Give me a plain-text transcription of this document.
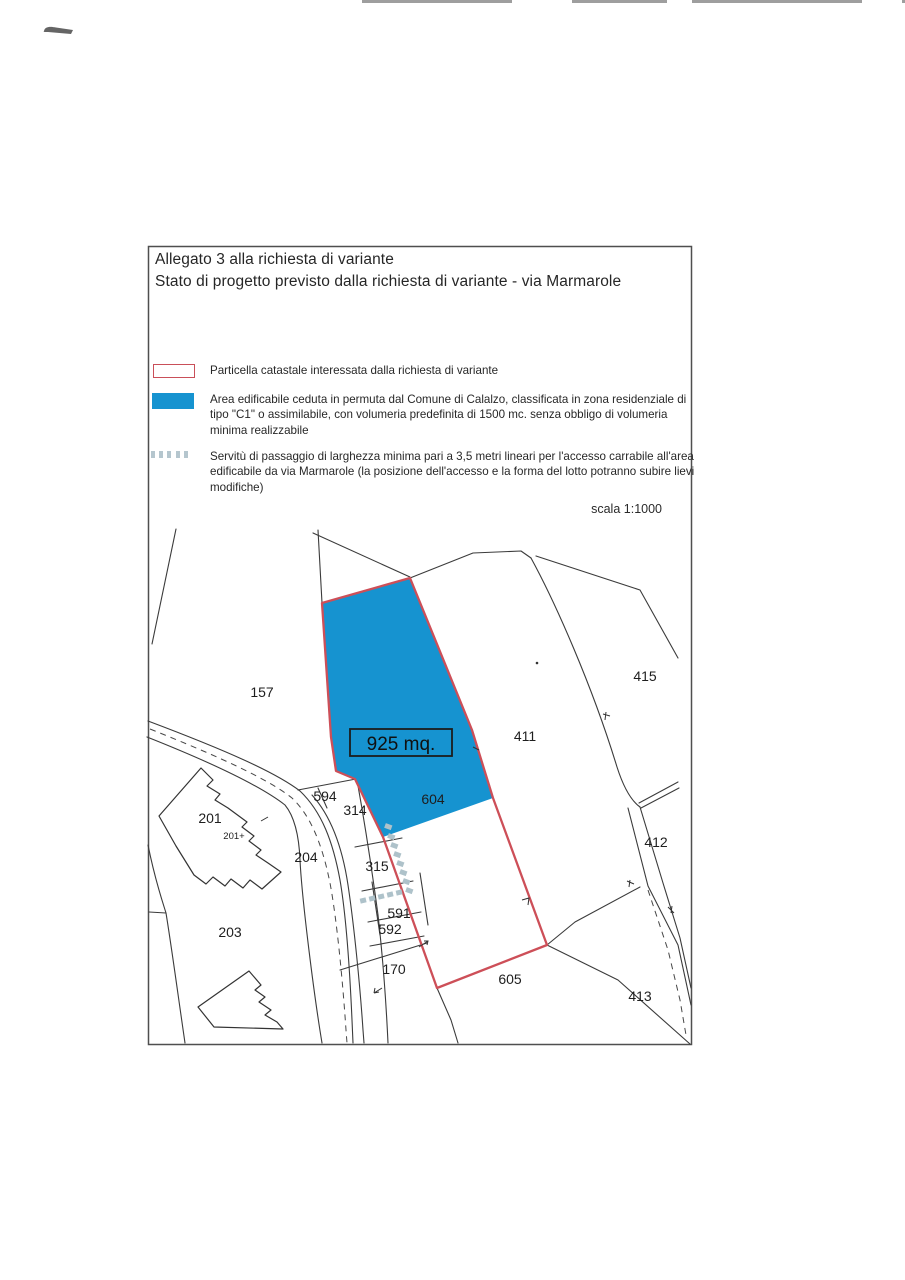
925 mq.
157
415
411
594
314
604
201
201+
204
315
412
591
592
203
170
605
413
Allegato 3 alla richiesta di variante
Stato di progetto previsto dalla richiesta di variante - via Marmarole
Particella catastale interessata dalla richiesta di variante
Area edificabile ceduta in permuta dal Comune di Calalzo, classificata in zona residenziale di tipo "C1" o assimilabile, con volumeria predefinita di 1500 mc. senza obbligo di volumeria minima realizzabile
Servitù di passaggio di larghezza minima pari a 3,5 metri lineari per l'accesso carrabile all'area edificabile da via Marmarole (la posizione dell'accesso e la forma del lotto potranno subire lievi modifiche)
scala 1:1000
